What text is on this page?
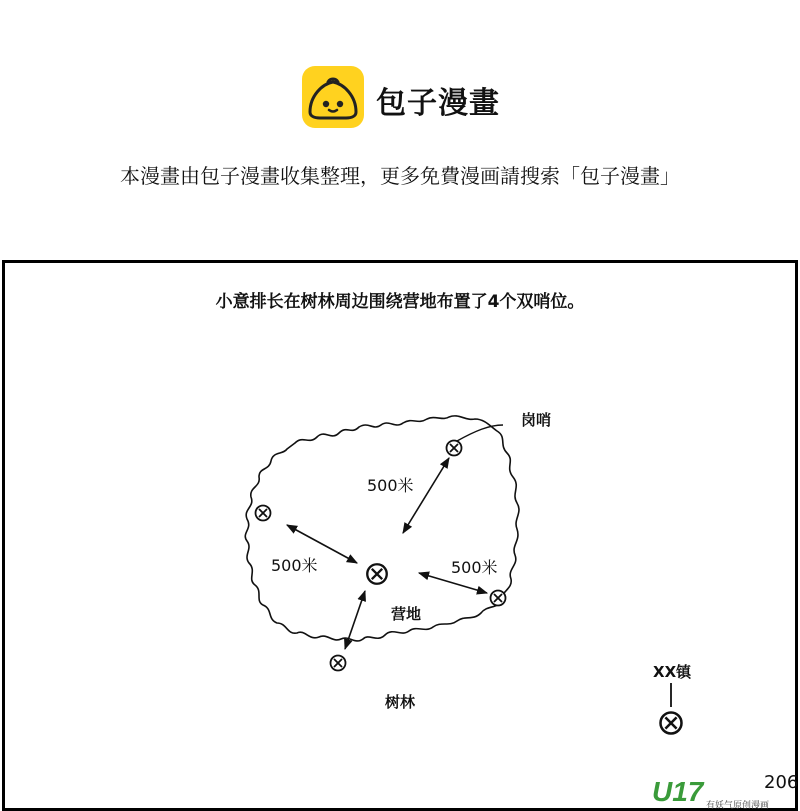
包子漫畫
本漫畫由包子漫畫收集整理，更多免費漫画請搜索「包子漫畫」
小意排长在树林周边围绕营地布置了4个双哨位。
岗哨
500米
500米	500米
营地
树林
XX镇
U17 有妖气原创漫画
206
